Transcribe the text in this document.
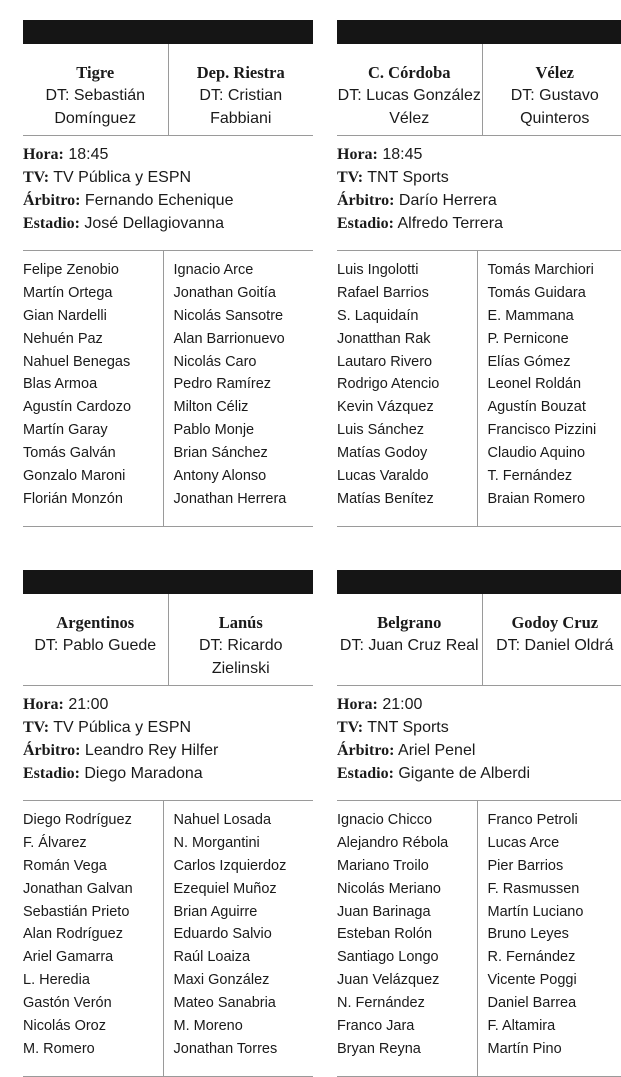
Tigre
DT: Sebastián Domínguez
Dep. Riestra
DT: Cristian Fabbiani
Hora: 18:45
TV: TV Pública y ESPN
Árbitro: Fernando Echenique
Estadio: José Dellagiovanna
Felipe Zenobio
Martín Ortega
Gian Nardelli
Nehuén Paz
Nahuel Benegas
Blas Armoa
Agustín Cardozo
Martín Garay
Tomás Galván
Gonzalo Maroni
Florián Monzón
Ignacio Arce
Jonathan Goitía
Nicolás Sansotre
Alan Barrionuevo
Nicolás Caro
Pedro Ramírez
Milton Céliz
Pablo Monje
Brian Sánchez
Antony Alonso
Jonathan Herrera
C. Córdoba
DT: Lucas González Vélez
Vélez
DT: Gustavo Quinteros
Hora: 18:45
TV: TNT Sports
Árbitro: Darío Herrera
Estadio: Alfredo Terrera
Luis Ingolotti
Rafael Barrios
S. Laquidaín
Jonatthan Rak
Lautaro Rivero
Rodrigo Atencio
Kevin Vázquez
Luis Sánchez
Matías Godoy
Lucas Varaldo
Matías Benítez
Tomás Marchiori
Tomás Guidara
E. Mammana
P. Pernicone
Elías Gómez
Leonel Roldán
Agustín Bouzat
Francisco Pizzini
Claudio Aquino
T. Fernández
Braian Romero
Argentinos
DT: Pablo Guede
Lanús
DT: Ricardo Zielinski
Hora: 21:00
TV: TV Pública y ESPN
Árbitro: Leandro Rey Hilfer
Estadio: Diego Maradona
Diego Rodríguez
F. Álvarez
Román Vega
Jonathan Galvan
Sebastián Prieto
Alan Rodríguez
Ariel Gamarra
L. Heredia
Gastón Verón
Nicolás Oroz
M. Romero
Nahuel Losada
N. Morgantini
Carlos Izquierdoz
Ezequiel Muñoz
Brian Aguirre
Eduardo Salvio
Raúl Loaiza
Maxi González
Mateo Sanabria
M. Moreno
Jonathan Torres
Belgrano
DT: Juan Cruz Real
Godoy Cruz
DT: Daniel Oldrá
Hora: 21:00
TV: TNT Sports
Árbitro: Ariel Penel
Estadio: Gigante de Alberdi
Ignacio Chicco
Alejandro Rébola
Mariano Troilo
Nicolás Meriano
Juan Barinaga
Esteban Rolón
Santiago Longo
Juan Velázquez
N. Fernández
Franco Jara
Bryan Reyna
Franco Petroli
Lucas Arce
Pier Barrios
F. Rasmussen
Martín Luciano
Bruno Leyes
R. Fernández
Vicente Poggi
Daniel Barrea
F. Altamira
Martín Pino
